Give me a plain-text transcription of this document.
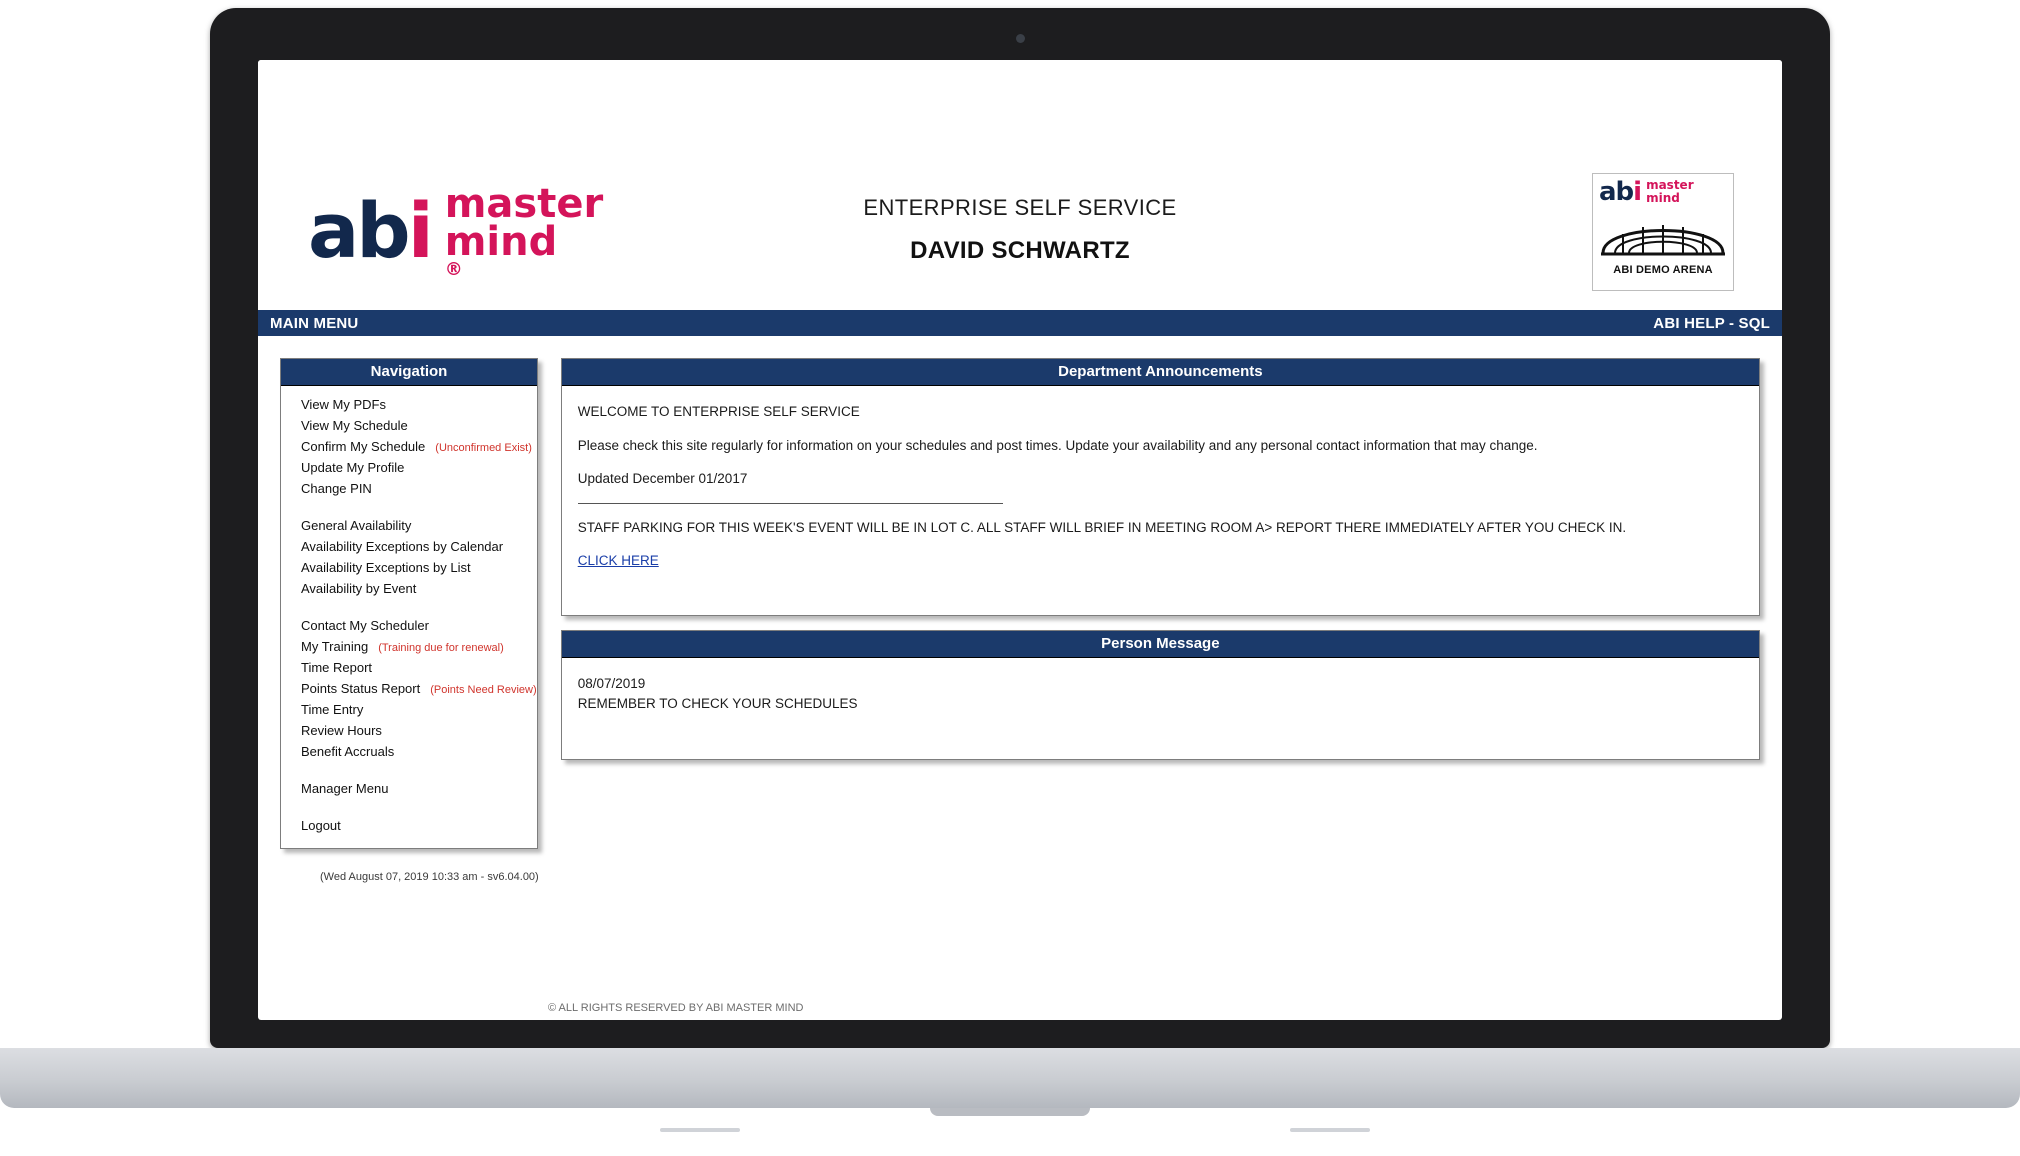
abi master
mind
®
ENTERPRISE SELF SERVICE
DAVID SCHWARTZ
abi master
mind
ABI DEMO ARENA
MAIN MENU	ABI HELP - SQL
Navigation
View My PDFs
View My Schedule
Confirm My Schedule (Unconfirmed Exist)
Update My Profile
Change PIN
General Availability
Availability Exceptions by Calendar
Availability Exceptions by List
Availability by Event
Contact My Scheduler
My Training (Training due for renewal)
Time Report
Points Status Report (Points Need Review)
Time Entry
Review Hours
Benefit Accruals
Manager Menu
Logout
(Wed August 07, 2019 10:33 am - sv6.04.00)
Department Announcements

WELCOME TO ENTERPRISE SELF SERVICE

Please check this site regularly for information on your schedules and post times. Update your availability and any personal contact information that may change.

Updated December 01/2017

STAFF PARKING FOR THIS WEEK'S EVENT WILL BE IN LOT C. ALL STAFF WILL BRIEF IN MEETING ROOM A> REPORT THERE IMMEDIATELY AFTER YOU CHECK IN.

CLICK HERE
Person Message
08/07/2019
REMEMBER TO CHECK YOUR SCHEDULES
© ALL RIGHTS RESERVED BY ABI MASTER MIND
